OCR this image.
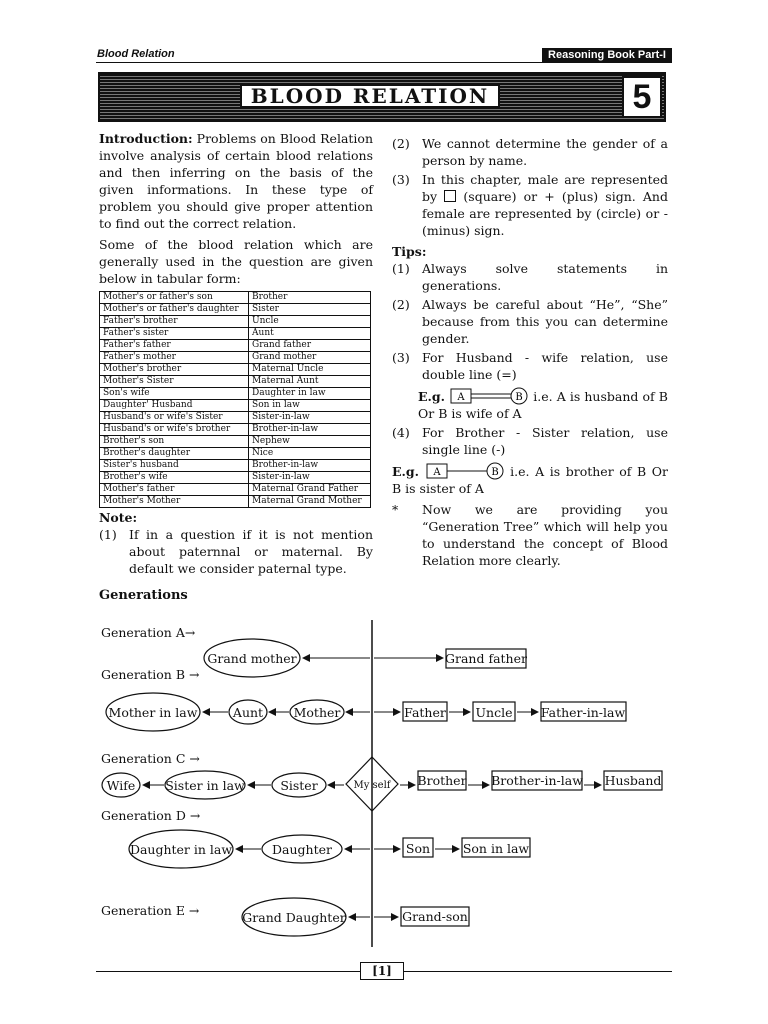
Blood Relation	Reasoning Book Part-I
BLOOD RELATION	5

Introduction: Problems on Blood Relation involve analysis of certain blood relations and then inferring on the basis of the given informations. In these type of problem you should give proper attention to find out the correct relation.

Some of the blood relation which are generally used in the question are given below in tabular form:

Mother's or father's son	Brother
Mother's or father's daughter	Sister
Father's brother	Uncle
Father's sister	Aunt
Father's father	Grand father
Father's mother	Grand mother
Mother's brother	Maternal Uncle
Mother's Sister	Maternal Aunt
Son's wife	Daughter in law
Daughter' Husband	Son in law
Husband's or wife's Sister	Sister-in-law
Husband's or wife's brother	Brother-in-law
Brother's son	Nephew
Brother's daughter	Nice
Sister's husband	Brother-in-law
Brother's wife	Sister-in-law
Mother's father	Maternal Grand Father
Mother's Mother	Maternal Grand Mother
Note:
(1) If in a question if it is not mention about paternnal or maternal. By default we consider paternal type.
(2) We cannot determine the gender of a person by name.
(3) In this chapter, male are represented by  (square) or + (plus) sign. And female are represented by (circle) or - (minus) sign.
Tips:
(1) Always solve statements in generations.
(2) Always be careful about “He”, “She” because from this you can determine gender.
(3) For Husband - wife relation, use double line (=)
E.g. A	B i.e. A is husband of B Or B is wife of A
(4) For Brother - Sister relation, use single line (-)
E.g. A	B i.e. A is brother of B Or B is sister of A
* Now we are providing you “Generation Tree” which will help you to understand the concept of Blood Relation more clearly.
Generations
Generation A→
Generation B →
Generation C →
Generation D →
Generation E →
Grand mother	Grand father
Mother in law	Aunt Mother	Father Uncle Father-in-law
Wife Sister in law	Sister	My self Brother Brother-in-law Husband
Daughter in law	Daughter	Son	Son in law
Grand Daughter	Grand-son
[1]
